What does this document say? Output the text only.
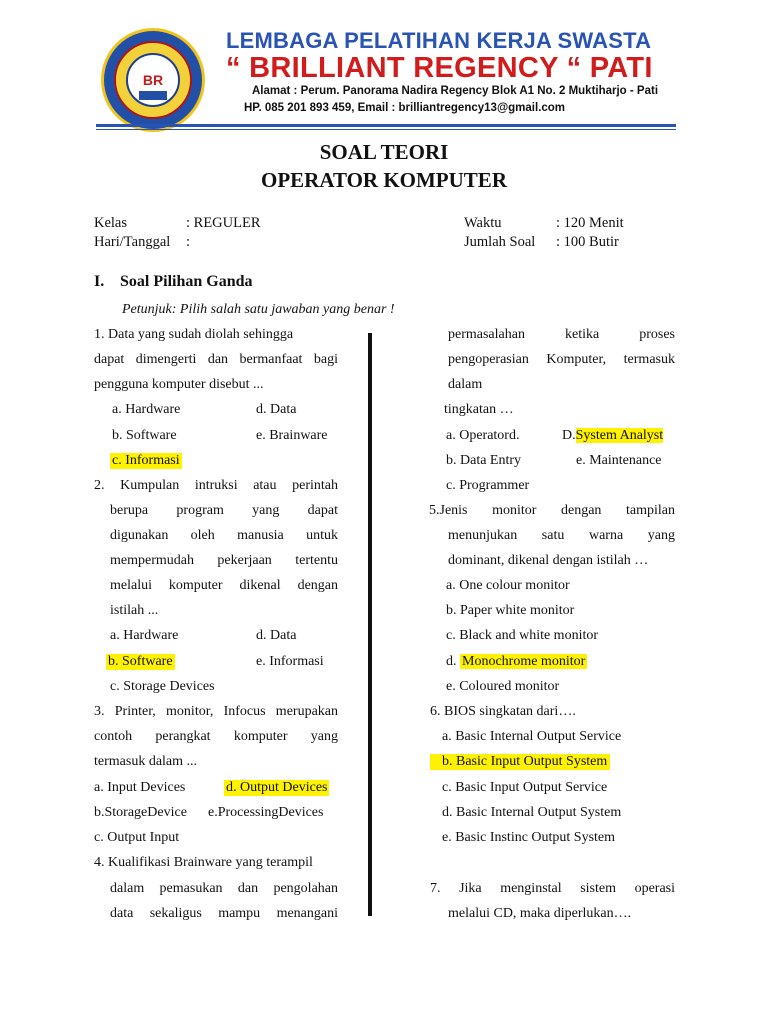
BR
LEMBAGA PELATIHAN KERJA SWASTA
“ BRILLIANT REGENCY “ PATI
Alamat : Perum. Panorama Nadira Regency Blok A1 No. 2 Muktiharjo - Pati
HP. 085 201 893 459, Email : brilliantregency13@gmail.com
SOAL TEORI
OPERATOR KOMPUTER
Kelas	: REGULER
Hari/Tanggal :
Waktu	: 120 Menit
Jumlah Soal : 100 Butir
I. Soal Pilihan Ganda
Petunjuk: Pilih salah satu jawaban yang benar !
1. Data yang sudah diolah sehingga
dapat dimengerti dan bermanfaat bagi
pengguna komputer disebut ...
a. Hardware	d. Data
b. Software	e. Brainware
c. Informasi
2. Kumpulan intruksi atau perintah
berupa program yang dapat
digunakan oleh manusia untuk
mempermudah pekerjaan tertentu
melalui komputer dikenal dengan
istilah ...
a. Hardware	d. Data
b. Software	e. Informasi
c. Storage Devices
3. Printer, monitor, Infocus merupakan
contoh perangkat komputer yang
termasuk dalam ...
a. Input Devices	d. Output Devices
b.StorageDevice e.ProcessingDevices
c. Output Input
4. Kualifikasi Brainware yang terampil
dalam pemasukan dan pengolahan
data sekaligus mampu menangani
permasalahan ketika proses
pengoperasian Komputer, termasuk
dalam
tingkatan …
a. Operatord.	D.System Analyst
b. Data Entry	e. Maintenance
c. Programmer
5.Jenis monitor dengan tampilan
menunjukan satu warna yang
dominant, dikenal dengan istilah …
a. One colour monitor
b. Paper white monitor
c. Black and white monitor
d. Monochrome monitor
e. Coloured monitor
6. BIOS singkatan dari….
a. Basic Internal Output Service
b. Basic Input Output System
c. Basic Input Output Service
d. Basic Internal Output System
e. Basic Instinc Output System
7. Jika menginstal sistem operasi
melalui CD, maka diperlukan….
